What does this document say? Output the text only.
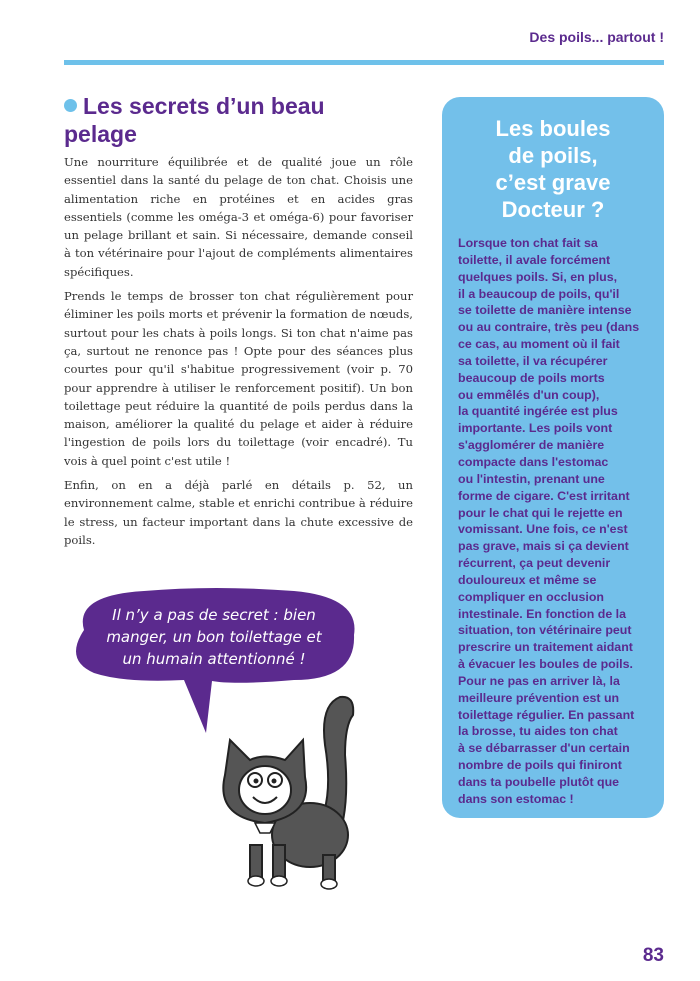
Des poils... partout !
Les secrets d’un beau pelage

Une nourriture équilibrée et de qualité joue un rôle essentiel dans la santé du pelage de ton chat. Choisis une alimentation riche en protéines et en acides gras essentiels (comme les oméga-3 et oméga-6) pour favoriser un pelage brillant et sain. Si nécessaire, demande conseil à ton vétérinaire pour l'ajout de compléments alimentaires spécifiques.

Prends le temps de brosser ton chat régulièrement pour éliminer les poils morts et prévenir la formation de nœuds, surtout pour les chats à poils longs. Si ton chat n'aime pas ça, surtout ne renonce pas ! Opte pour des séances plus courtes pour qu'il s'habitue progressivement (voir p. 70 pour apprendre à utiliser le renforcement positif). Un bon toilettage peut réduire la quantité de poils perdus dans la maison, améliorer la qualité du pelage et aider à réduire l'ingestion de poils lors du toilettage (voir encadré). Tu vois à quel point c'est utile !

Enfin, on en a déjà parlé en détails p. 52, un environnement calme, stable et enrichi contribue à réduire le stress, un facteur important dans la chute excessive de poils.

Les boules
de poils,
c’est grave
Docteur ?
Lorsque ton chat fait sa
toilette, il avale forcément
quelques poils. Si, en plus,
il a beaucoup de poils, qu'il
se toilette de manière intense
ou au contraire, très peu (dans
ce cas, au moment où il fait
sa toilette, il va récupérer
beaucoup de poils morts
ou emmêlés d'un coup),
la quantité ingérée est plus
importante. Les poils vont
s'agglomérer de manière
compacte dans l'estomac
ou l'intestin, prenant une
forme de cigare. C'est irritant
pour le chat qui le rejette en
vomissant. Une fois, ce n'est
pas grave, mais si ça devient
récurrent, ça peut devenir
douloureux et même se
compliquer en occlusion
intestinale. En fonction de la
situation, ton vétérinaire peut
prescrire un traitement aidant
à évacuer les boules de poils.
Pour ne pas en arriver là, la
meilleure prévention est un
toilettage régulier. En passant
la brosse, tu aides ton chat
à se débarrasser d'un certain
nombre de poils qui finiront
dans ta poubelle plutôt que
dans son estomac !
Il n’y a pas de secret : bien
manger, un bon toilettage et
un humain attentionné !
83
